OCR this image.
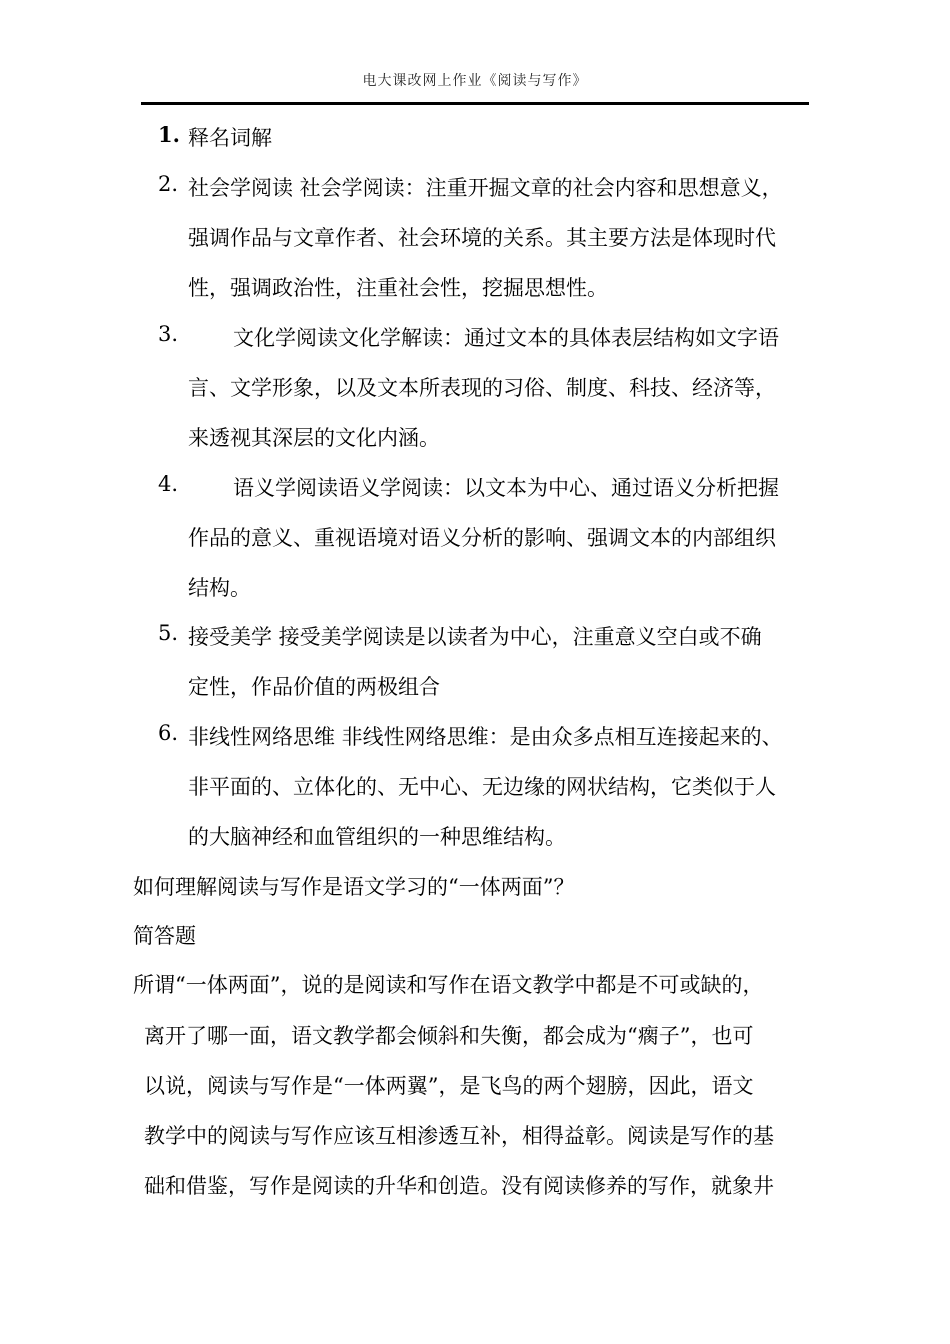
电大课改网上作业《阅读与写作》
1. 释名词解
2. 社会学阅读 社会学阅读：注重开掘文章的社会内容和思想意义，
强调作品与文章作者、社会环境的关系。其主要方法是体现时代
性，强调政治性，注重社会性，挖掘思想性。
3.	文化学阅读文化学解读：通过文本的具体表层结构如文字语
言、文学形象，以及文本所表现的习俗、制度、科技、经济等，
来透视其深层的文化内涵。
4.	语义学阅读语义学阅读：以文本为中心、通过语义分析把握
作品的意义、重视语境对语义分析的影响、强调文本的内部组织
结构。
5. 接受美学 接受美学阅读是以读者为中心，注重意义空白或不确
定性，作品价值的两极组合
6. 非线性网络思维 非线性网络思维：是由众多点相互连接起来的、
非平面的、立体化的、无中心、无边缘的网状结构，它类似于人
的大脑神经和血管组织的一种思维结构。
如何理解阅读与写作是语文学习的“一体两面”？
简答题
所谓“一体两面”，说的是阅读和写作在语文教学中都是不可或缺的，
离开了哪一面，语文教学都会倾斜和失衡，都会成为“瘸子”，也可
以说，阅读与写作是“一体两翼”，是飞鸟的两个翅膀，因此，语文
教学中的阅读与写作应该互相渗透互补，相得益彰。阅读是写作的基
础和借鉴，写作是阅读的升华和创造。没有阅读修养的写作，就象井
